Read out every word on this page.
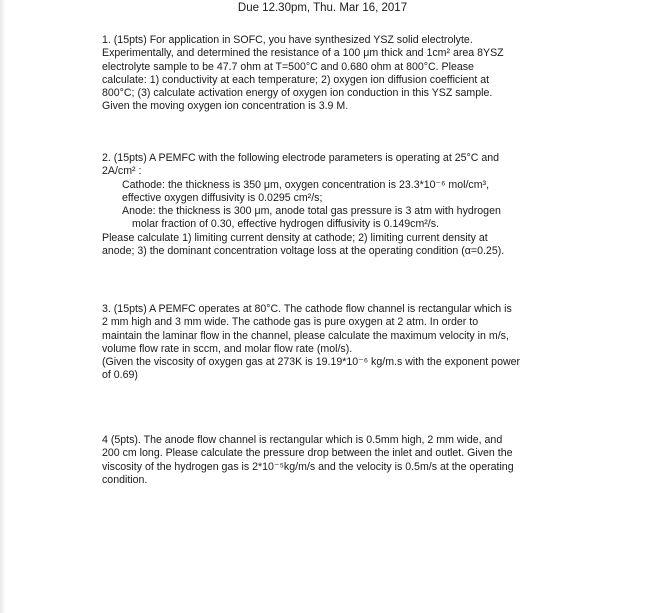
Due 12.30pm, Thu. Mar 16, 2017

1. (15pts) For application in SOFC, you have synthesized YSZ solid electrolyte.

Experimentally, and determined the resistance of a 100 μm thick and 1cm² area 8YSZ

electrolyte sample to be 47.7 ohm at T=500°C and 0.680 ohm at 800°C. Please

calculate: 1) conductivity at each temperature; 2) oxygen ion diffusion coefficient at

800°C; (3) calculate activation energy of oxygen ion conduction in this YSZ sample.

Given the moving oxygen ion concentration is 3.9 M.

2. (15pts) A PEMFC with the following electrode parameters is operating at 25°C and

2A/cm² :

Cathode: the thickness is 350 μm, oxygen concentration is 23.3*10⁻⁶ mol/cm³,

effective oxygen diffusivity is 0.0295 cm²/s;

Anode: the thickness is 300 μm, anode total gas pressure is 3 atm with hydrogen

molar fraction of 0.30, effective hydrogen diffusivity is 0.149cm²/s.

Please calculate 1) limiting current density at cathode; 2) limiting current density at

anode; 3) the dominant concentration voltage loss at the operating condition (α=0.25).

3. (15pts) A PEMFC operates at 80°C. The cathode flow channel is rectangular which is

2 mm high and 3 mm wide. The cathode gas is pure oxygen at 2 atm. In order to

maintain the laminar flow in the channel, please calculate the maximum velocity in m/s,

volume flow rate in sccm, and molar flow rate (mol/s).

(Given the viscosity of oxygen gas at 273K is 19.19*10⁻⁶ kg/m.s with the exponent power

of 0.69)

4 (5pts). The anode flow channel is rectangular which is 0.5mm high, 2 mm wide, and

200 cm long. Please calculate the pressure drop between the inlet and outlet. Given the

viscosity of the hydrogen gas is 2*10⁻⁵kg/m/s and the velocity is 0.5m/s at the operating

condition.
